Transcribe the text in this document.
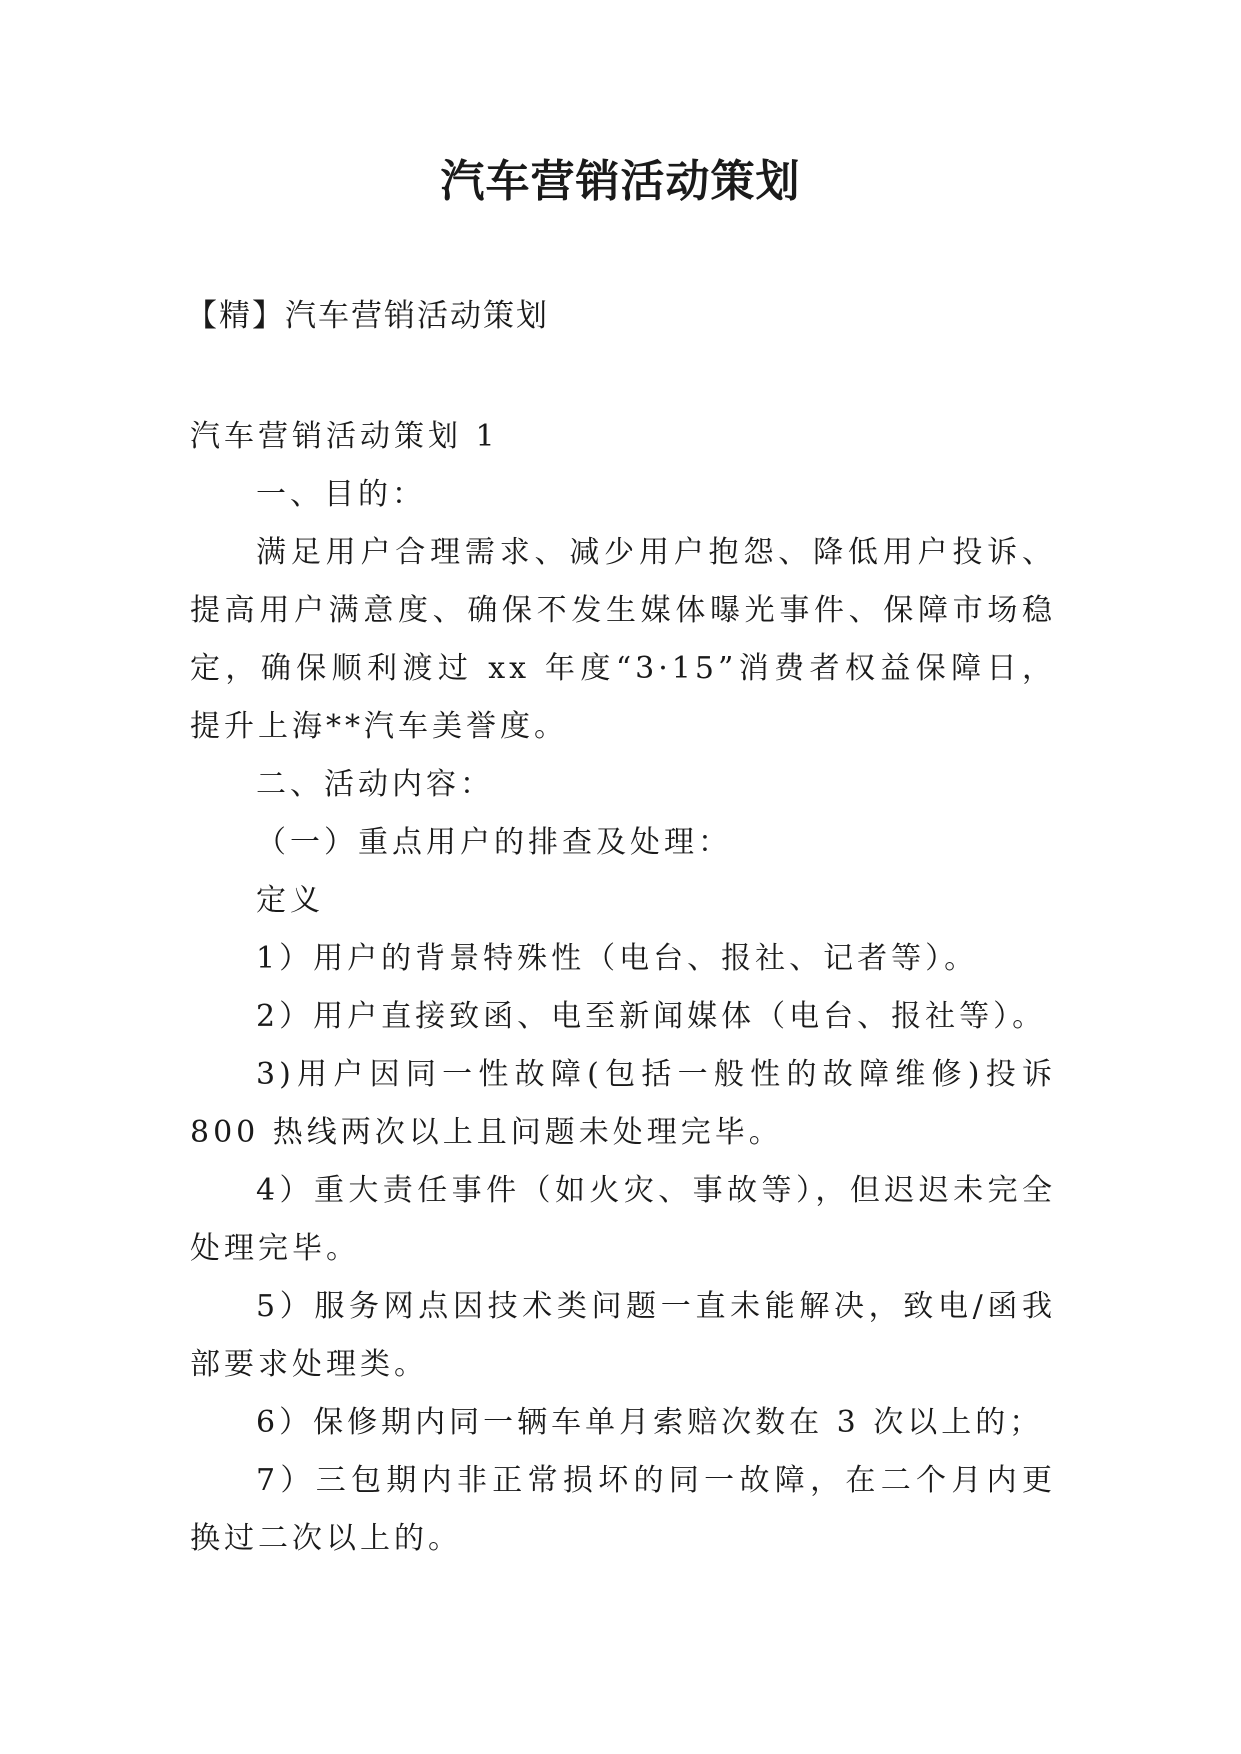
汽车营销活动策划

【精】汽车营销活动策划

汽车营销活动策划 1

一、目的：

满足用户合理需求、减少用户抱怨、降低用户投诉、提高用户满意度、确保不发生媒体曝光事件、保障市场稳定，确保顺利渡过 xx 年度“3·15”消费者权益保障日，提升上海**汽车美誉度。

二、活动内容：

（一）重点用户的排查及处理：

定义

1）用户的背景特殊性（电台、报社、记者等）。

2）用户直接致函、电至新闻媒体（电台、报社等）。

3)用户因同一性故障(包括一般性的故障维修)投诉 800 热线两次以上且问题未处理完毕。

4）重大责任事件（如火灾、事故等），但迟迟未完全处理完毕。

5）服务网点因技术类问题一直未能解决，致电/函我部要求处理类。

6）保修期内同一辆车单月索赔次数在 3 次以上的；

7）三包期内非正常损坏的同一故障，在二个月内更换过二次以上的。
